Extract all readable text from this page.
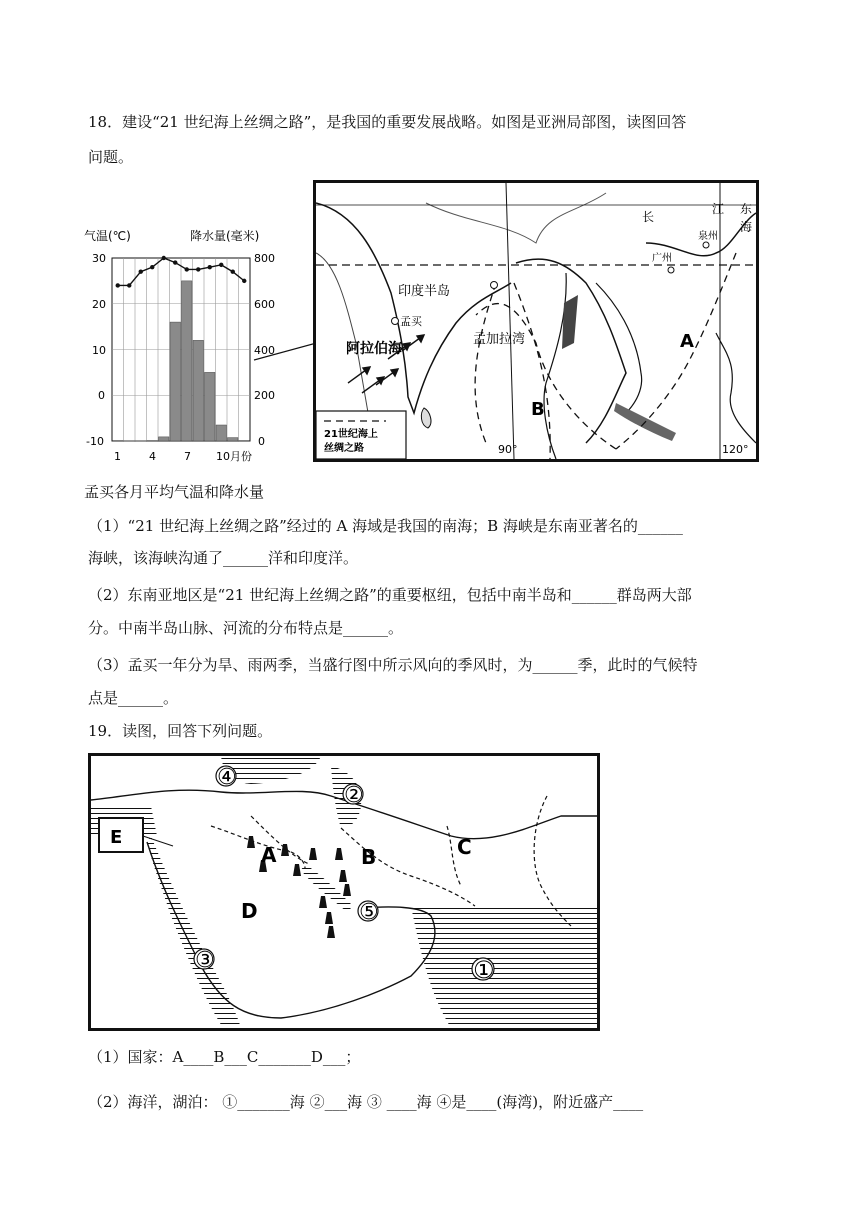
18．建设“21 世纪海上丝绸之路”，是我国的重要发展战略。如图是亚洲局部图，读图回答
问题。
气温(℃)	降水量(毫米)
30
20
10
0
-10
800
600
400
200
0
1	4	7 10月份
孟买各月平均气温和降水量
印度半岛
孟买
阿拉伯海
孟加拉湾	A
B
广州
泉州
长
江 东
海
90°	120°
21世纪海上
丝绸之路
（1）“21 世纪海上丝绸之路”经过的 A 海域是我国的南海；B 海峡是东南亚著名的______
海峡，该海峡沟通了______洋和印度洋。
（2）东南亚地区是“21 世纪海上丝绸之路”的重要枢纽，包括中南半岛和______群岛两大部
分。中南半岛山脉、河流的分布特点是______。
（3）孟买一年分为旱、雨两季，当盛行图中所示风向的季风时，为______季，此时的气候特
点是______。
19．读图，回答下列问题。
A	B	C
D
E
④
②
③
⑤
①
（1）国家：A____B___C_______D___；
（2）海洋，湖泊： ①_______海 ②___海 ③ ____海 ④是____(海湾)，附近盛产____
